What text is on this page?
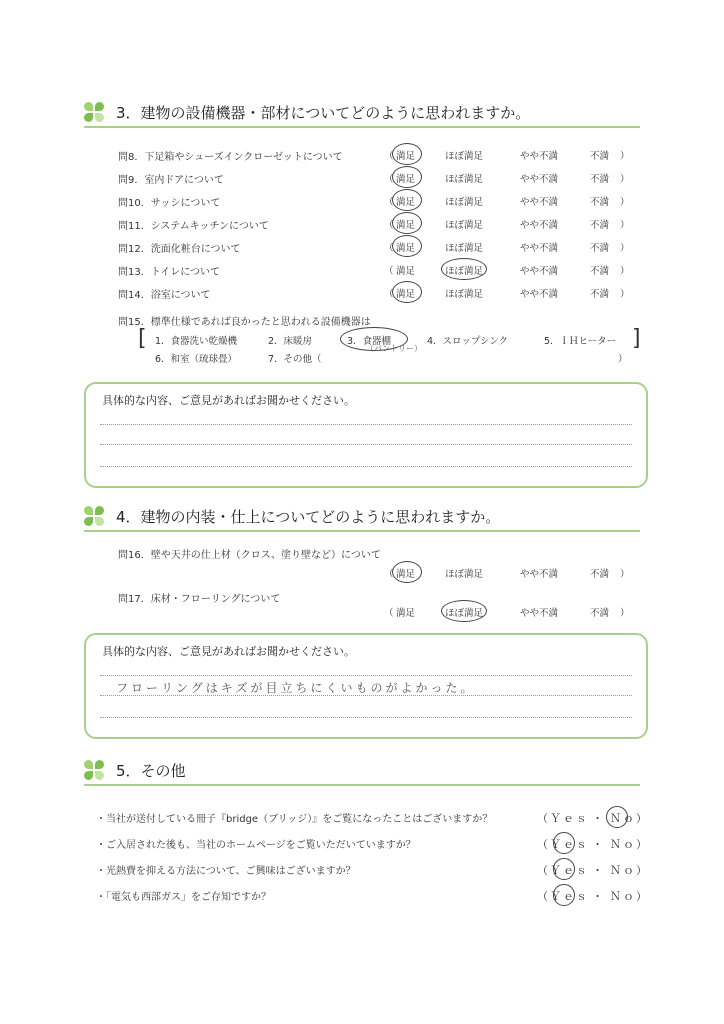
3．建物の設備機器・部材についてどのように思われますか。
問8．下足箱やシューズインクローゼットについて	（ 満足	ほぼ満足	やや不満	不満 ）
問9．室内ドアについて	（ 満足	ほぼ満足	やや不満	不満 ）
問10．サッシについて	（ 満足	ほぼ満足	やや不満	不満 ）
問11．システムキッチンについて	（ 満足	ほぼ満足	やや不満	不満 ）
問12．洗面化粧台について	（ 満足	ほぼ満足	やや不満	不満 ）
問13．トイレについて	（ 満足	ほぼ満足	やや不満	不満 ）
問14．浴室について	（ 満足	ほぼ満足	やや不満	不満 ）
問15．標準仕様であれば良かったと思われる設備機器は
[	]
1．食器洗い乾燥機	2．床暖房	3．食器棚	4．スロップシンク	5．ＩＨヒーター
6．和室（琉球畳）	7．その他（	）
（パントリー）
具体的な内容、ご意見があればお聞かせください。
4．建物の内装・仕上についてどのように思われますか。
問16．壁や天井の仕上材（クロス、塗り壁など）について
（ 満足	ほぼ満足	やや不満	不満 ）
問17．床材・フローリングについて
（ 満足	ほぼ満足	やや不満	不満 ）
具体的な内容、ご意見があればお聞かせください。
フローリングはキズが目立ちにくいものがよかった。
5．その他
・当社が送付している冊子『bridge（ブリッジ）』をご覧になったことはございますか？	（ Ｙｅｓ ・ Ｎｏ ）
・ご入居された後も、当社のホームページをご覧いただいていますか？	（ Ｙｅｓ ・ Ｎｏ ）
・光熱費を抑える方法について、ご興味はございますか？	（ Ｙｅｓ ・ Ｎｏ ）
・「電気も西部ガス」をご存知ですか？	（ Ｙｅｓ ・ Ｎｏ ）
